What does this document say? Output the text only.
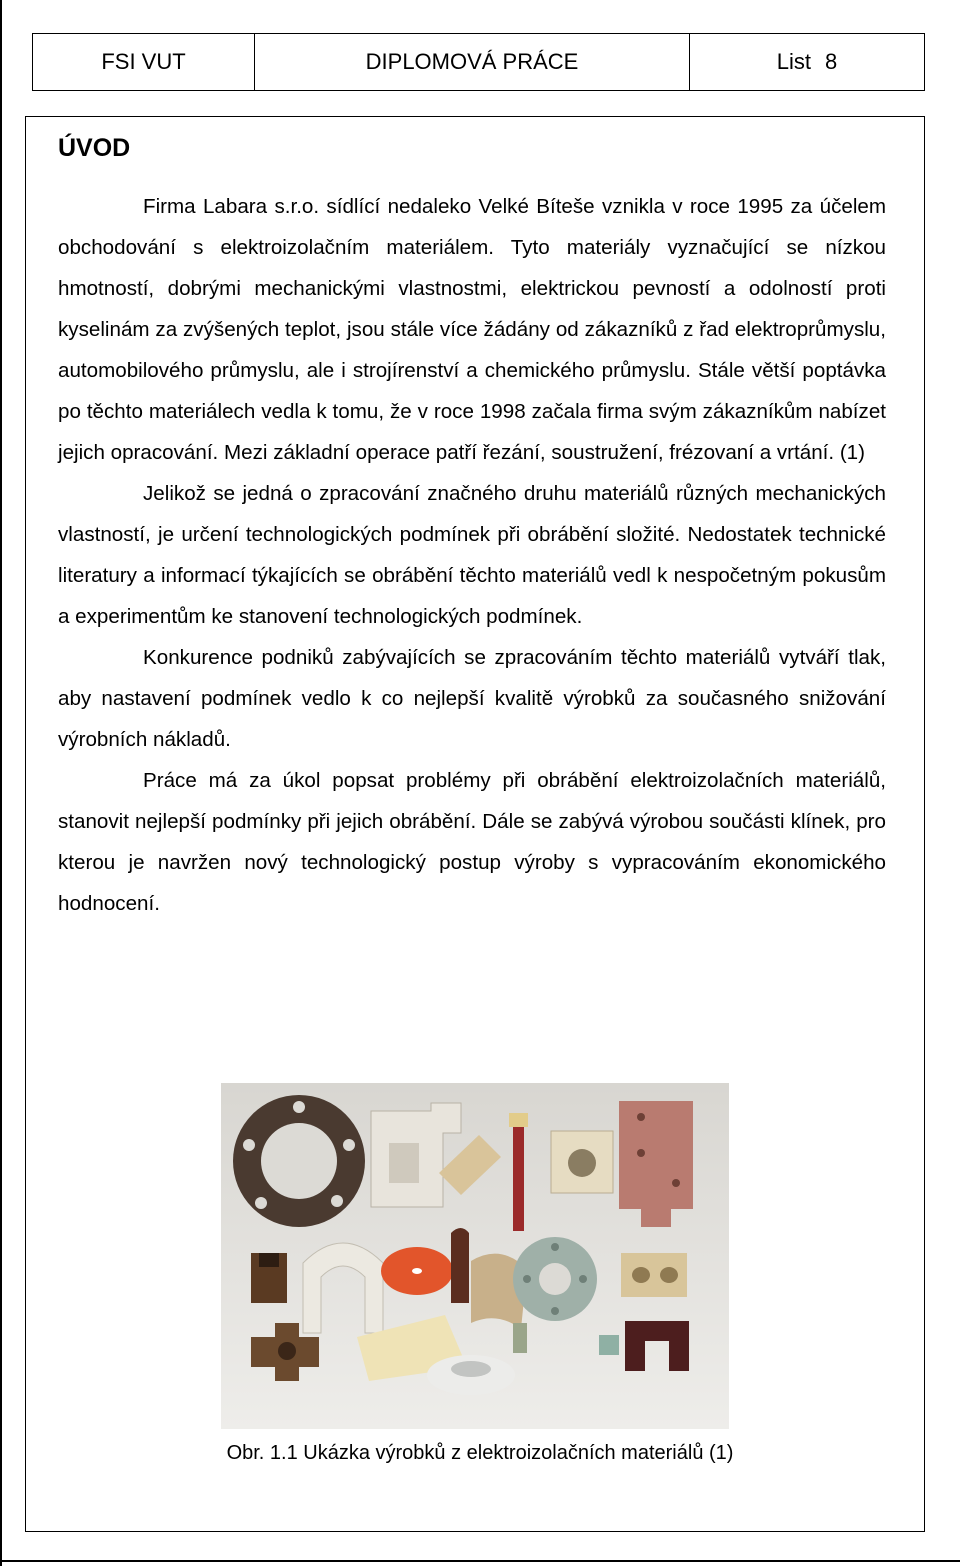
FSI VUT	DIPLOMOVÁ PRÁCE	List 8
ÚVOD

Firma Labara s.r.o. sídlící nedaleko Velké Bíteše vznikla v roce 1995 za účelem obchodování s elektroizolačním materiálem. Tyto materiály vyznačující se nízkou hmotností, dobrými mechanickými vlastnostmi, elektrickou pevností a odolností proti kyselinám za zvýšených teplot, jsou stále více žádány od zákazníků z řad elektroprůmyslu, automobilového průmyslu, ale i strojírenství a chemického průmyslu. Stále větší poptávka po těchto materiálech vedla k tomu, že v roce 1998 začala firma svým zákazníkům nabízet jejich opracování. Mezi základní operace patří řezání, soustružení, frézovaní a vrtání. (1)

Jelikož se jedná o zpracování značného druhu materiálů různých mechanických vlastností, je určení technologických podmínek při obrábění složité. Nedostatek technické literatury a informací týkajících se obrábění těchto materiálů vedl k nespočetným pokusům a experimentům ke stanovení technologických podmínek.

Konkurence podniků zabývajících se zpracováním těchto materiálů vytváří tlak, aby nastavení podmínek vedlo k co nejlepší kvalitě výrobků za současného snižování výrobních nákladů.

Práce má za úkol popsat problémy při obrábění elektroizolačních materiálů, stanovit nejlepší podmínky při jejich obrábění. Dále se zabývá výrobou součásti klínek, pro kterou je navržen nový technologický postup výroby s vypracováním ekonomického hodnocení.

Obr. 1.1 Ukázka výrobků z elektroizolačních materiálů (1)
